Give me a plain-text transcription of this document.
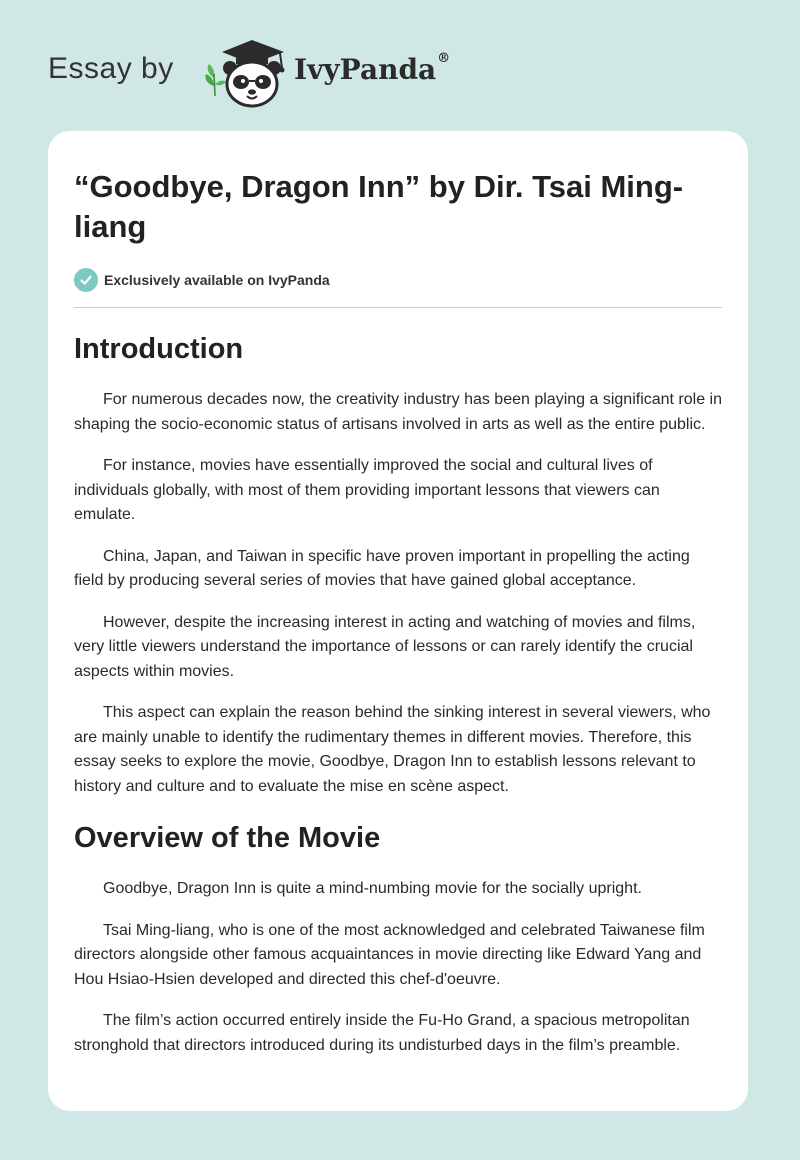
Essay by	IvyPanda®
“Goodbye, Dragon Inn” by Dir. Tsai Ming-liang
Exclusively available on IvyPanda
Introduction

For numerous decades now, the creativity industry has been playing a significant role in shaping the socio-economic status of artisans involved in arts as well as the entire public.

For instance, movies have essentially improved the social and cultural lives of individuals globally, with most of them providing important lessons that viewers can emulate.

China, Japan, and Taiwan in specific have proven important in propelling the acting field by producing several series of movies that have gained global acceptance.

However, despite the increasing interest in acting and watching of movies and films, very little viewers understand the importance of lessons or can rarely identify the crucial aspects within movies.

This aspect can explain the reason behind the sinking interest in several viewers, who are mainly unable to identify the rudimentary themes in different movies. Therefore, this essay seeks to explore the movie, Goodbye, Dragon Inn to establish lessons relevant to history and culture and to evaluate the mise en scène aspect.

Overview of the Movie

Goodbye, Dragon Inn is quite a mind-numbing movie for the socially upright.

Tsai Ming-liang, who is one of the most acknowledged and celebrated Taiwanese film directors alongside other famous acquaintances in movie directing like Edward Yang and Hou Hsiao-Hsien developed and directed this chef-d'oeuvre.

The film’s action occurred entirely inside the Fu-Ho Grand, a spacious metropolitan stronghold that directors introduced during its undisturbed days in the film’s preamble.
